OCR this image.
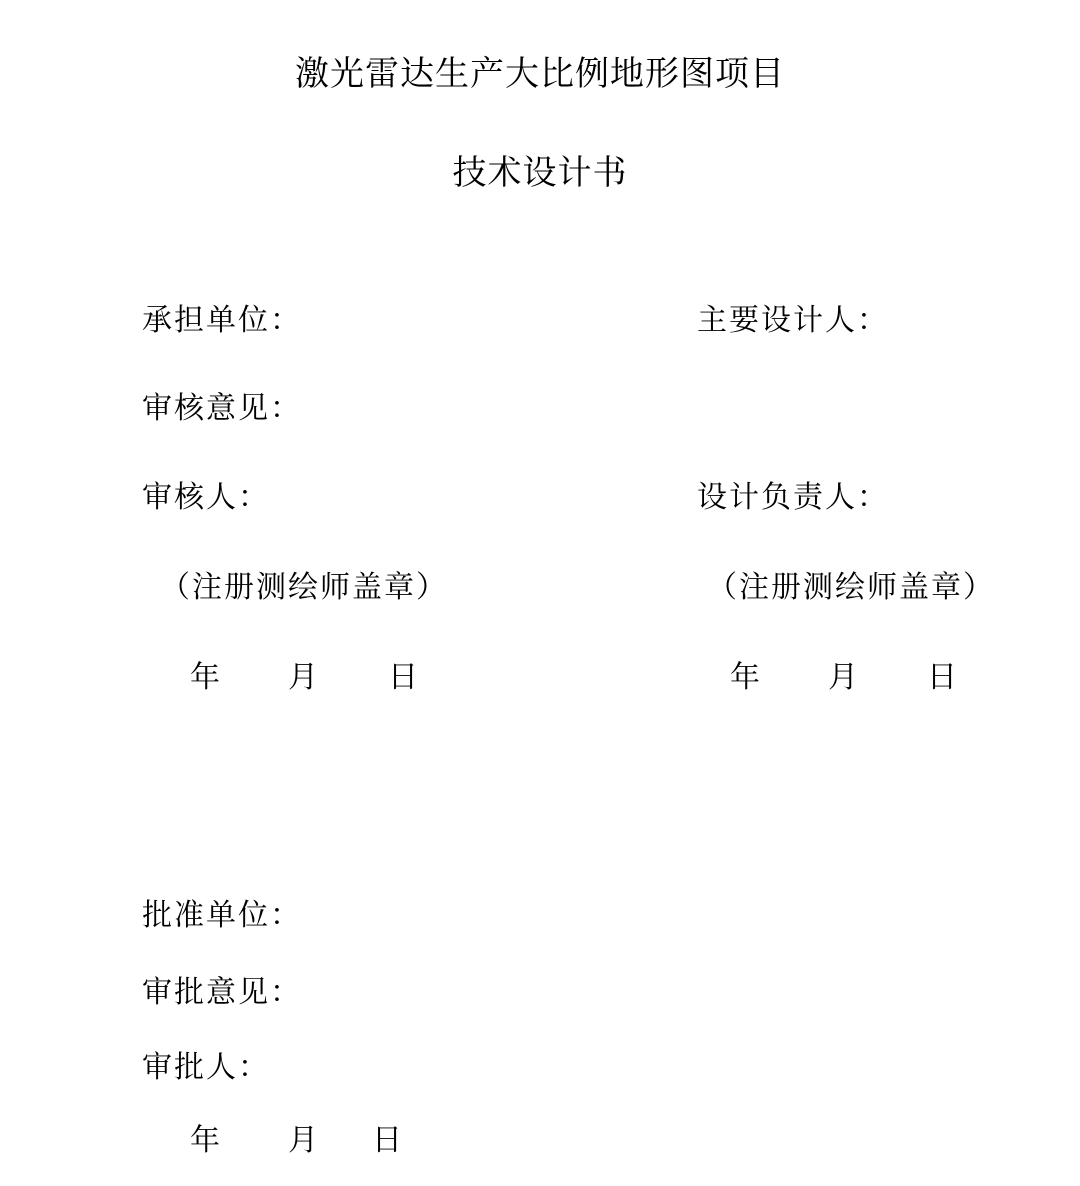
激光雷达生产大比例地形图项目
技术设计书
承担单位：	主要设计人：
审核意见：
审核人：	设计负责人：
（注册测绘师盖章）	（注册测绘师盖章）
年 月 日	年 月 日
批准单位：
审批意见：
审批人：
年 月 日
